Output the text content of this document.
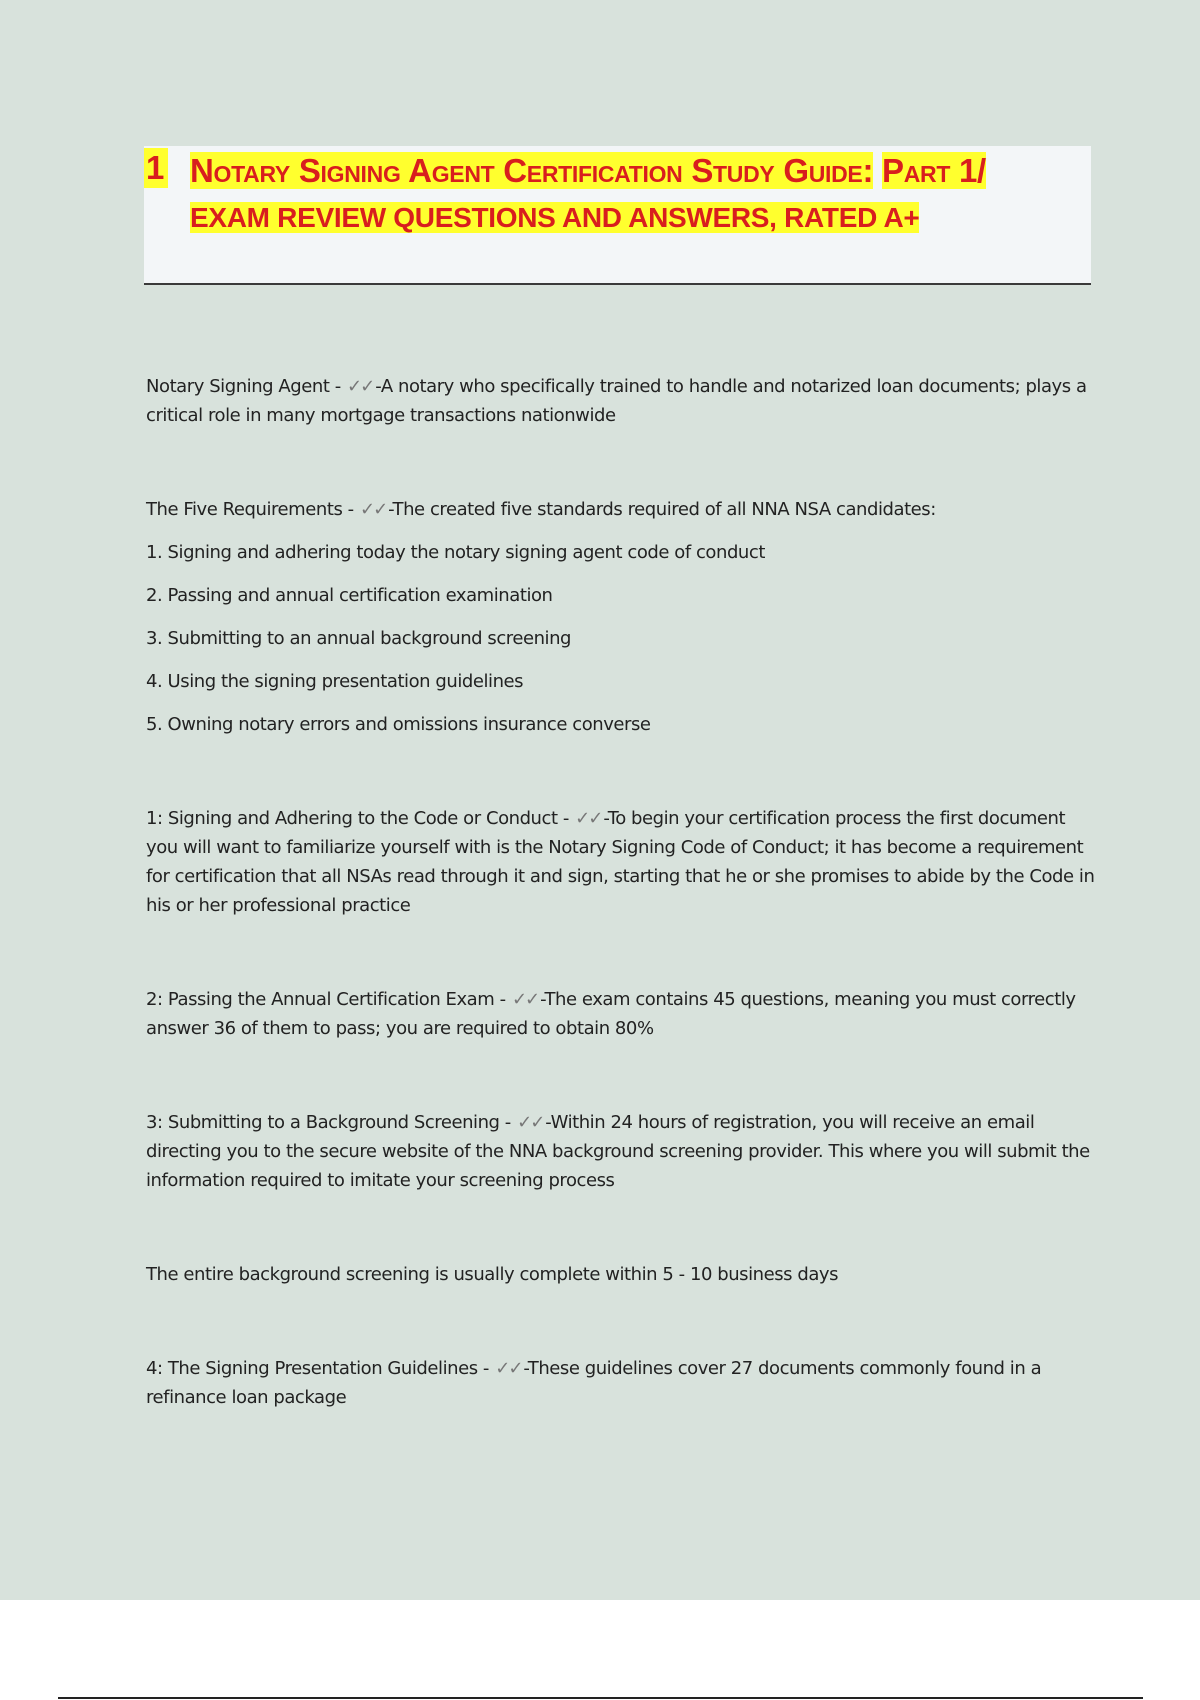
1 Notary Signing Agent Certification Study Guide: Part 1/ EXAM REVIEW QUESTIONS AND ANSWERS, RATED A+

Notary Signing Agent - ✓✓ -A notary who specifically trained to handle and notarized loan documents; plays a critical role in many mortgage transactions nationwide

The Five Requirements - ✓✓ -The created five standards required of all NNA NSA candidates:

1. Signing and adhering today the notary signing agent code of conduct

2. Passing and annual certification examination

3. Submitting to an annual background screening

4. Using the signing presentation guidelines

5. Owning notary errors and omissions insurance converse

1: Signing and Adhering to the Code or Conduct - ✓✓ -To begin your certification process the first document you will want to familiarize yourself with is the Notary Signing Code of Conduct; it has become a requirement for certification that all NSAs read through it and sign, starting that he or she promises to abide by the Code in his or her professional practice

2: Passing the Annual Certification Exam - ✓✓ -The exam contains 45 questions, meaning you must correctly answer 36 of them to pass; you are required to obtain 80%

3: Submitting to a Background Screening - ✓✓ -Within 24 hours of registration, you will receive an email directing you to the secure website of the NNA background screening provider. This where you will submit the information required to imitate your screening process

The entire background screening is usually complete within 5 - 10 business days

4: The Signing Presentation Guidelines - ✓✓ -These guidelines cover 27 documents commonly found in a refinance loan package
